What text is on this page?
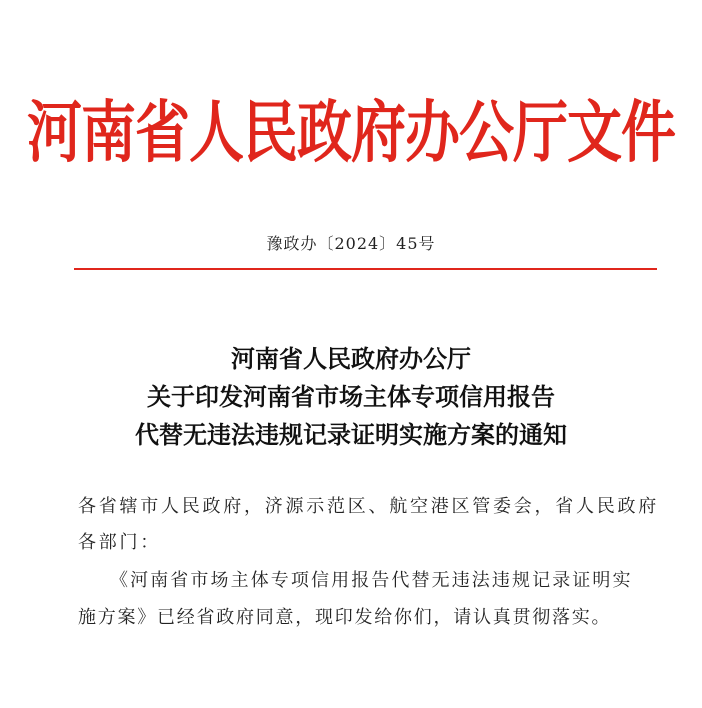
河南省人民政府办公厅文件
豫政办〔2024〕45号
河南省人民政府办公厅
关于印发河南省市场主体专项信用报告
代替无违法违规记录证明实施方案的通知
各省辖市人民政府，济源示范区、航空港区管委会，省人民政府
各部门：
《河南省市场主体专项信用报告代替无违法违规记录证明实
施方案》已经省政府同意，现印发给你们，请认真贯彻落实。
